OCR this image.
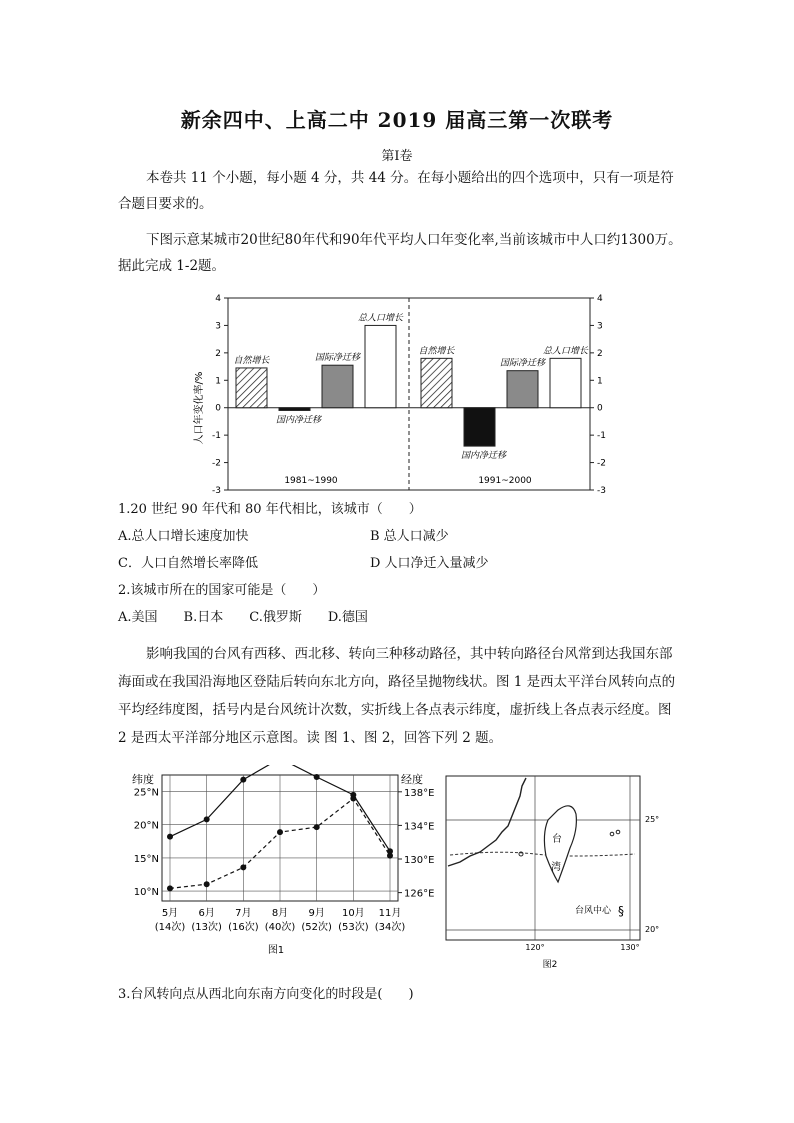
新余四中、上高二中 2019 届高三第一次联考
第Ⅰ卷

本卷共 11 个小题，每小题 4 分，共 44 分。在每小题给出的四个选项中，只有一项是符合题目要求的。

下图示意某城市20世纪80年代和90年代平均人口年变化率,当前该城市中人口约1300万。据此完成 1-2题。

4	4
3	3
2	2
1	1
0	0
-1	-1
-2	-2
-3	-3
自然增长
国内净迁移
国际净迁移
总人口增长
自然增长
国内净迁移
国际净迁移
总人口增长
人口年变化率/%
1981~1990	1991~2000
1.20 世纪 90 年代和 80 年代相比，该城市（　　）
A.总人口增长速度加快	B 总人口减少
C．人口自然增长率降低	D 人口净迁入量减少
2.该城市所在的国家可能是（　　）
A.美国　　B.日本　　C.俄罗斯　　D.德国

影响我国的台风有西移、西北移、转向三种移动路径，其中转向路径台风常到达我国东部海面或在我国沿海地区登陆后转向东北方向，路径呈抛物线状。图 1 是西太平洋台风转向点的平均经纬度图，括号内是台风统计次数，实折线上各点表示纬度，虚折线上各点表示经度。图 2 是西太平洋部分地区示意图。读 图 1、图 2，回答下列 2 题。

25°N
20°N
15°N
10°N
138°E
134°E
130°E
126°E
5月
(14次)
6月
(13次)
7月
(16次)
8月
(40次)
9月
(52次)
10月
(53次)
11月
(34次)
纬度	经度
图1
台
湾
台风中心 §
25°
20°
120°	130°
图2
3.台风转向点从西北向东南方向变化的时段是(　　)
